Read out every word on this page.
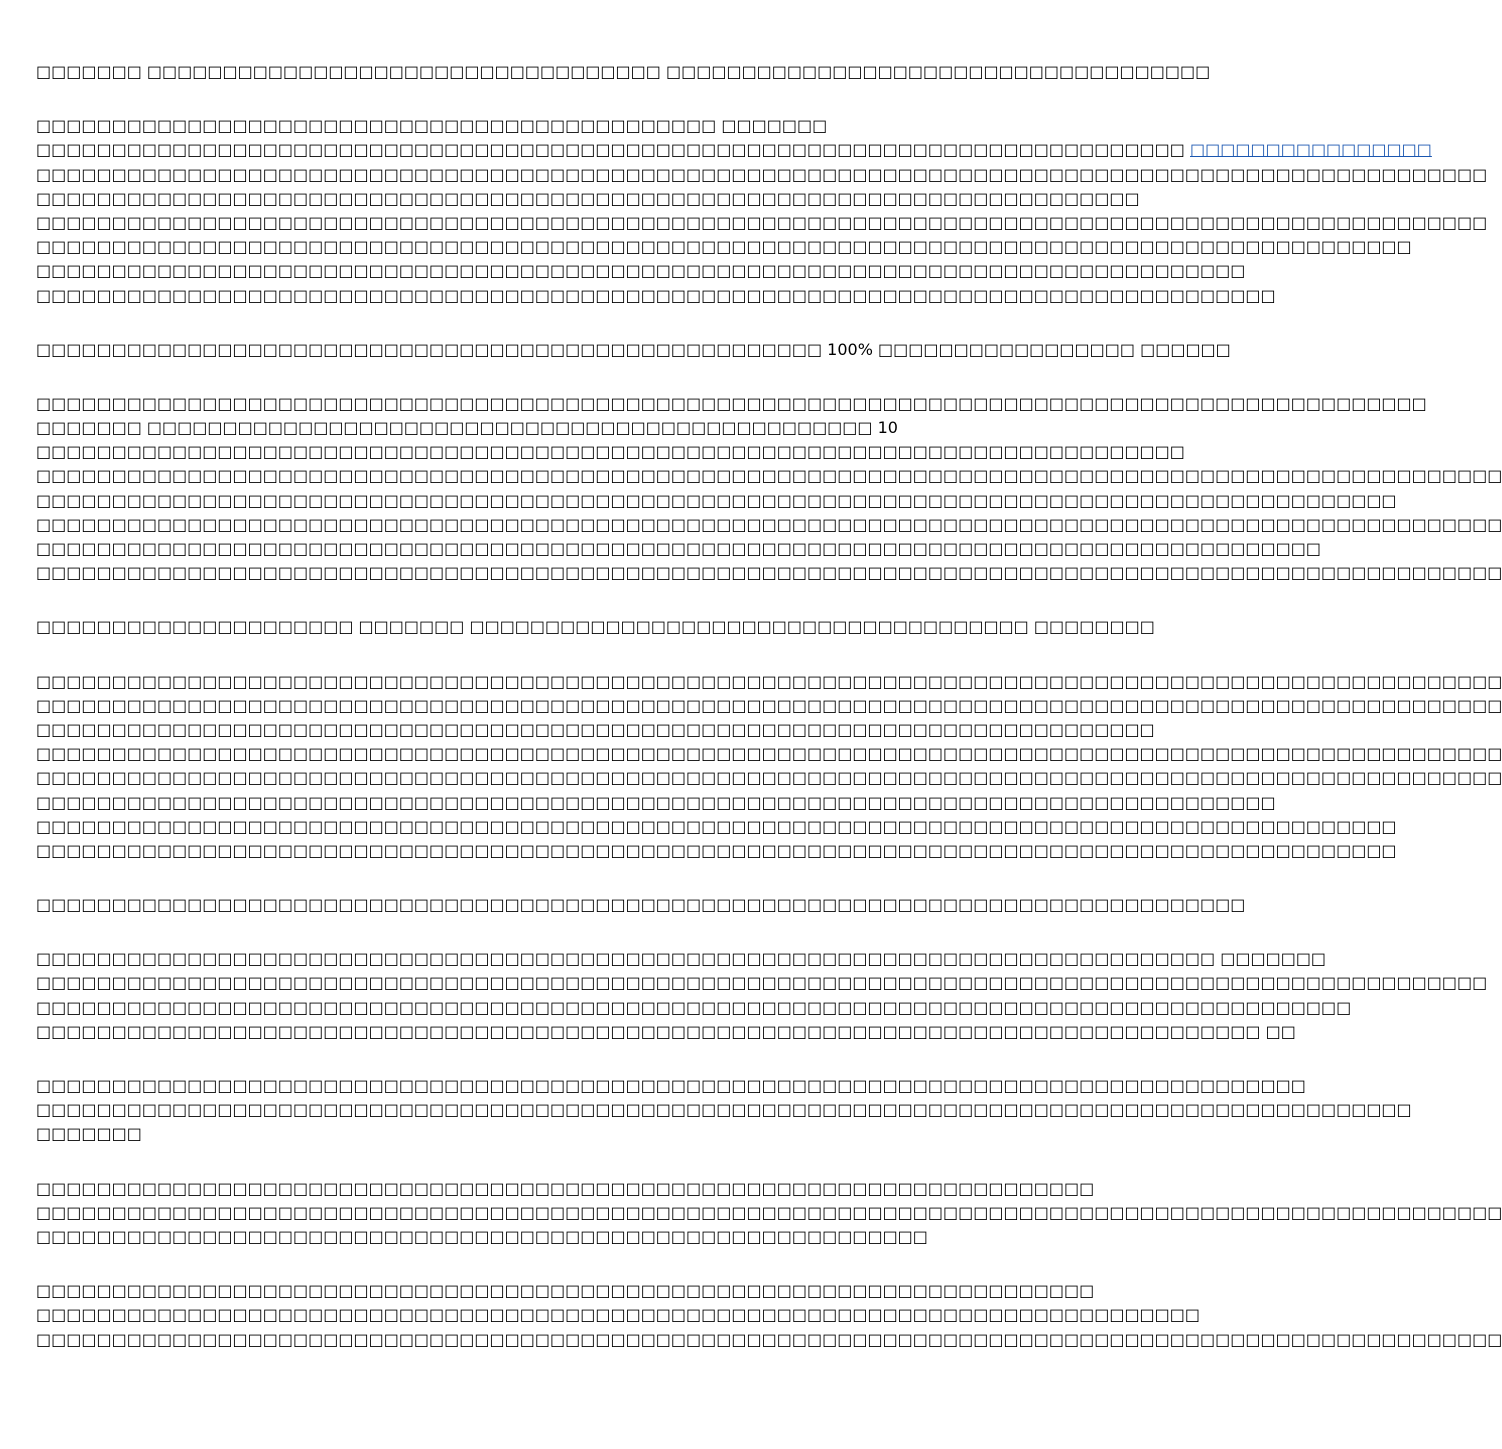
□□□□□□□ □□□□□□□□□□□□□□□□□□□□□□□□□□□□□□□□□□ □□□□□□□□□□□□□□□□□□□□□□□□□□□□□□□□□□□□
□□□□□□□□□□□□□□□□□□□□□□□□□□□□□□□□□□□□□□□□□□□□□ □□□□□□□
□□□□□□□□□□□□□□□□□□□□□□□□□□□□□□□□□□□□□□□□□□□□□□□□□□□□□□□□□□□□□□□□□□□□□□□□□□□□ □□□□□□□□□□□□□□□□
□□□□□□□□□□□□□□□□□□□□□□□□□□□□□□□□□□□□□□□□□□□□□□□□□□□□□□□□□□□□□□□□□□□□□□□□□□□□□□□□□□□□□□□□□□□□□□□□
□□□□□□□□□□□□□□□□□□□□□□□□□□□□□□□□□□□□□□□□□□□□□□□□□□□□□□□□□□□□□□□□□□□□□□□□□
□□□□□□□□□□□□□□□□□□□□□□□□□□□□□□□□□□□□□□□□□□□□□□□□□□□□□□□□□□□□□□□□□□□□□□□□□□□□□□□□□□□□□□□□□□□□□□□□
□□□□□□□□□□□□□□□□□□□□□□□□□□□□□□□□□□□□□□□□□□□□□□□□□□□□□□□□□□□□□□□□□□□□□□□□□□□□□□□□□□□□□□□□□□□
□□□□□□□□□□□□□□□□□□□□□□□□□□□□□□□□□□□□□□□□□□□□□□□□□□□□□□□□□□□□□□□□□□□□□□□□□□□□□□□□
□□□□□□□□□□□□□□□□□□□□□□□□□□□□□□□□□□□□□□□□□□□□□□□□□□□□□□□□□□□□□□□□□□□□□□□□□□□□□□□□□□
□□□□□□□□□□□□□□□□□□□□□□□□□□□□□□□□□□□□□□□□□□□□□□□□□□□□ 100% □□□□□□□□□□□□□□□□□ □□□□□□
□□□□□□□□□□□□□□□□□□□□□□□□□□□□□□□□□□□□□□□□□□□□□□□□□□□□□□□□□□□□□□□□□□□□□□□□□□□□□□□□□□□□□□□□□□□□
□□□□□□□ □□□□□□□□□□□□□□□□□□□□□□□□□□□□□□□□□□□□□□□□□□□□□□□□ 10
□□□□□□□□□□□□□□□□□□□□□□□□□□□□□□□□□□□□□□□□□□□□□□□□□□□□□□□□□□□□□□□□□□□□□□□□□□□□
□□□□□□□□□□□□□□□□□□□□□□□□□□□□□□□□□□□□□□□□□□□□□□□□□□□□□□□□□□□□□□□□□□□□□□□□□□□□□□□□□□□□□□□□□□□□□□□□□
□□□□□□□□□□□□□□□□□□□□□□□□□□□□□□□□□□□□□□□□□□□□□□□□□□□□□□□□□□□□□□□□□□□□□□□□□□□□□□□□□□□□□□□□□□
□□□□□□□□□□□□□□□□□□□□□□□□□□□□□□□□□□□□□□□□□□□□□□□□□□□□□□□□□□□□□□□□□□□□□□□□□□□□□□□□□□□□□□□□□□□□□□□□□
□□□□□□□□□□□□□□□□□□□□□□□□□□□□□□□□□□□□□□□□□□□□□□□□□□□□□□□□□□□□□□□□□□□□□□□□□□□□□□□□□□□□□
□□□□□□□□□□□□□□□□□□□□□□□□□□□□□□□□□□□□□□□□□□□□□□□□□□□□□□□□□□□□□□□□□□□□□□□□□□□□□□□□□□□□□□□□□□□□□□□□□
□□□□□□□□□□□□□□□□□□□□□ □□□□□□□ □□□□□□□□□□□□□□□□□□□□□□□□□□□□□□□□□□□□□ □□□□□□□□
□□□□□□□□□□□□□□□□□□□□□□□□□□□□□□□□□□□□□□□□□□□□□□□□□□□□□□□□□□□□□□□□□□□□□□□□□□□□□□□□□□□□□□□□□□□□□□□□□
□□□□□□□□□□□□□□□□□□□□□□□□□□□□□□□□□□□□□□□□□□□□□□□□□□□□□□□□□□□□□□□□□□□□□□□□□□□□□□□□□□□□□□□□□□□□□□□□□
□□□□□□□□□□□□□□□□□□□□□□□□□□□□□□□□□□□□□□□□□□□□□□□□□□□□□□□□□□□□□□□□□□□□□□□□□□
□□□□□□□□□□□□□□□□□□□□□□□□□□□□□□□□□□□□□□□□□□□□□□□□□□□□□□□□□□□□□□□□□□□□□□□□□□□□□□□□□□□□□□□□□□□□□□□□□
□□□□□□□□□□□□□□□□□□□□□□□□□□□□□□□□□□□□□□□□□□□□□□□□□□□□□□□□□□□□□□□□□□□□□□□□□□□□□□□□□□□□□□□□□□□□□□□□□
□□□□□□□□□□□□□□□□□□□□□□□□□□□□□□□□□□□□□□□□□□□□□□□□□□□□□□□□□□□□□□□□□□□□□□□□□□□□□□□□□□
□□□□□□□□□□□□□□□□□□□□□□□□□□□□□□□□□□□□□□□□□□□□□□□□□□□□□□□□□□□□□□□□□□□□□□□□□□□□□□□□□□□□□□□□□□
□□□□□□□□□□□□□□□□□□□□□□□□□□□□□□□□□□□□□□□□□□□□□□□□□□□□□□□□□□□□□□□□□□□□□□□□□□□□□□□□□□□□□□□□□□
□□□□□□□□□□□□□□□□□□□□□□□□□□□□□□□□□□□□□□□□□□□□□□□□□□□□□□□□□□□□□□□□□□□□□□□□□□□□□□□□
□□□□□□□□□□□□□□□□□□□□□□□□□□□□□□□□□□□□□□□□□□□□□□□□□□□□□□□□□□□□□□□□□□□□□□□□□□□□□□ □□□□□□□
□□□□□□□□□□□□□□□□□□□□□□□□□□□□□□□□□□□□□□□□□□□□□□□□□□□□□□□□□□□□□□□□□□□□□□□□□□□□□□□□□□□□□□□□□□□□□□□□
□□□□□□□□□□□□□□□□□□□□□□□□□□□□□□□□□□□□□□□□□□□□□□□□□□□□□□□□□□□□□□□□□□□□□□□□□□□□□□□□□□□□□□□
□□□□□□□□□□□□□□□□□□□□□□□□□□□□□□□□□□□□□□□□□□□□□□□□□□□□□□□□□□□□□□□□□□□□□□□□□□□□□□□□□ □□
□□□□□□□□□□□□□□□□□□□□□□□□□□□□□□□□□□□□□□□□□□□□□□□□□□□□□□□□□□□□□□□□□□□□□□□□□□□□□□□□□□□□
□□□□□□□□□□□□□□□□□□□□□□□□□□□□□□□□□□□□□□□□□□□□□□□□□□□□□□□□□□□□□□□□□□□□□□□□□□□□□□□□□□□□□□□□□□□
□□□□□□□
□□□□□□□□□□□□□□□□□□□□□□□□□□□□□□□□□□□□□□□□□□□□□□□□□□□□□□□□□□□□□□□□□□□□□□
□□□□□□□□□□□□□□□□□□□□□□□□□□□□□□□□□□□□□□□□□□□□□□□□□□□□□□□□□□□□□□□□□□□□□□□□□□□□□□□□□□□□□□□□□□□□□□□□□
□□□□□□□□□□□□□□□□□□□□□□□□□□□□□□□□□□□□□□□□□□□□□□□□□□□□□□□□□□□
□□□□□□□□□□□□□□□□□□□□□□□□□□□□□□□□□□□□□□□□□□□□□□□□□□□□□□□□□□□□□□□□□□□□□□
□□□□□□□□□□□□□□□□□□□□□□□□□□□□□□□□□□□□□□□□□□□□□□□□□□□□□□□□□□□□□□□□□□□□□□□□□□□□□
□□□□□□□□□□□□□□□□□□□□□□□□□□□□□□□□□□□□□□□□□□□□□□□□□□□□□□□□□□□□□□□□□□□□□□□□□□□□□□□□□□□□□□□□□□□□□□□□□
